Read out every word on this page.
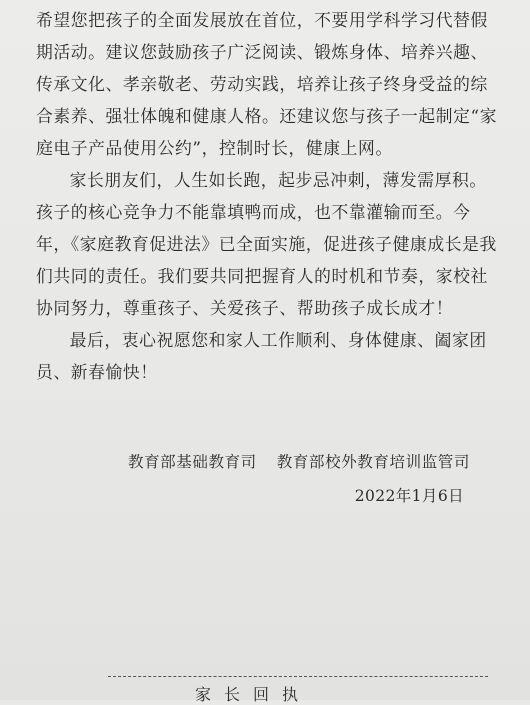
希望您把孩子的全面发展放在首位，不要用学科学习代替假期活动。建议您鼓励孩子广泛阅读、锻炼身体、培养兴趣、传承文化、孝亲敬老、劳动实践，培养让孩子终身受益的综合素养、强壮体魄和健康人格。还建议您与孩子一起制定“家庭电子产品使用公约”，控制时长，健康上网。

家长朋友们，人生如长跑，起步忌冲刺，薄发需厚积。孩子的核心竞争力不能靠填鸭而成，也不靠灌输而至。今年，《家庭教育促进法》已全面实施，促进孩子健康成长是我们共同的责任。我们要共同把握育人的时机和节奏，家校社协同努力，尊重孩子、关爱孩子、帮助孩子成长成才！

最后，衷心祝愿您和家人工作顺利、身体健康、阖家团员、新春愉快！

教育部基础教育司 教育部校外教育培训监管司
2022年1月6日
家长回执
